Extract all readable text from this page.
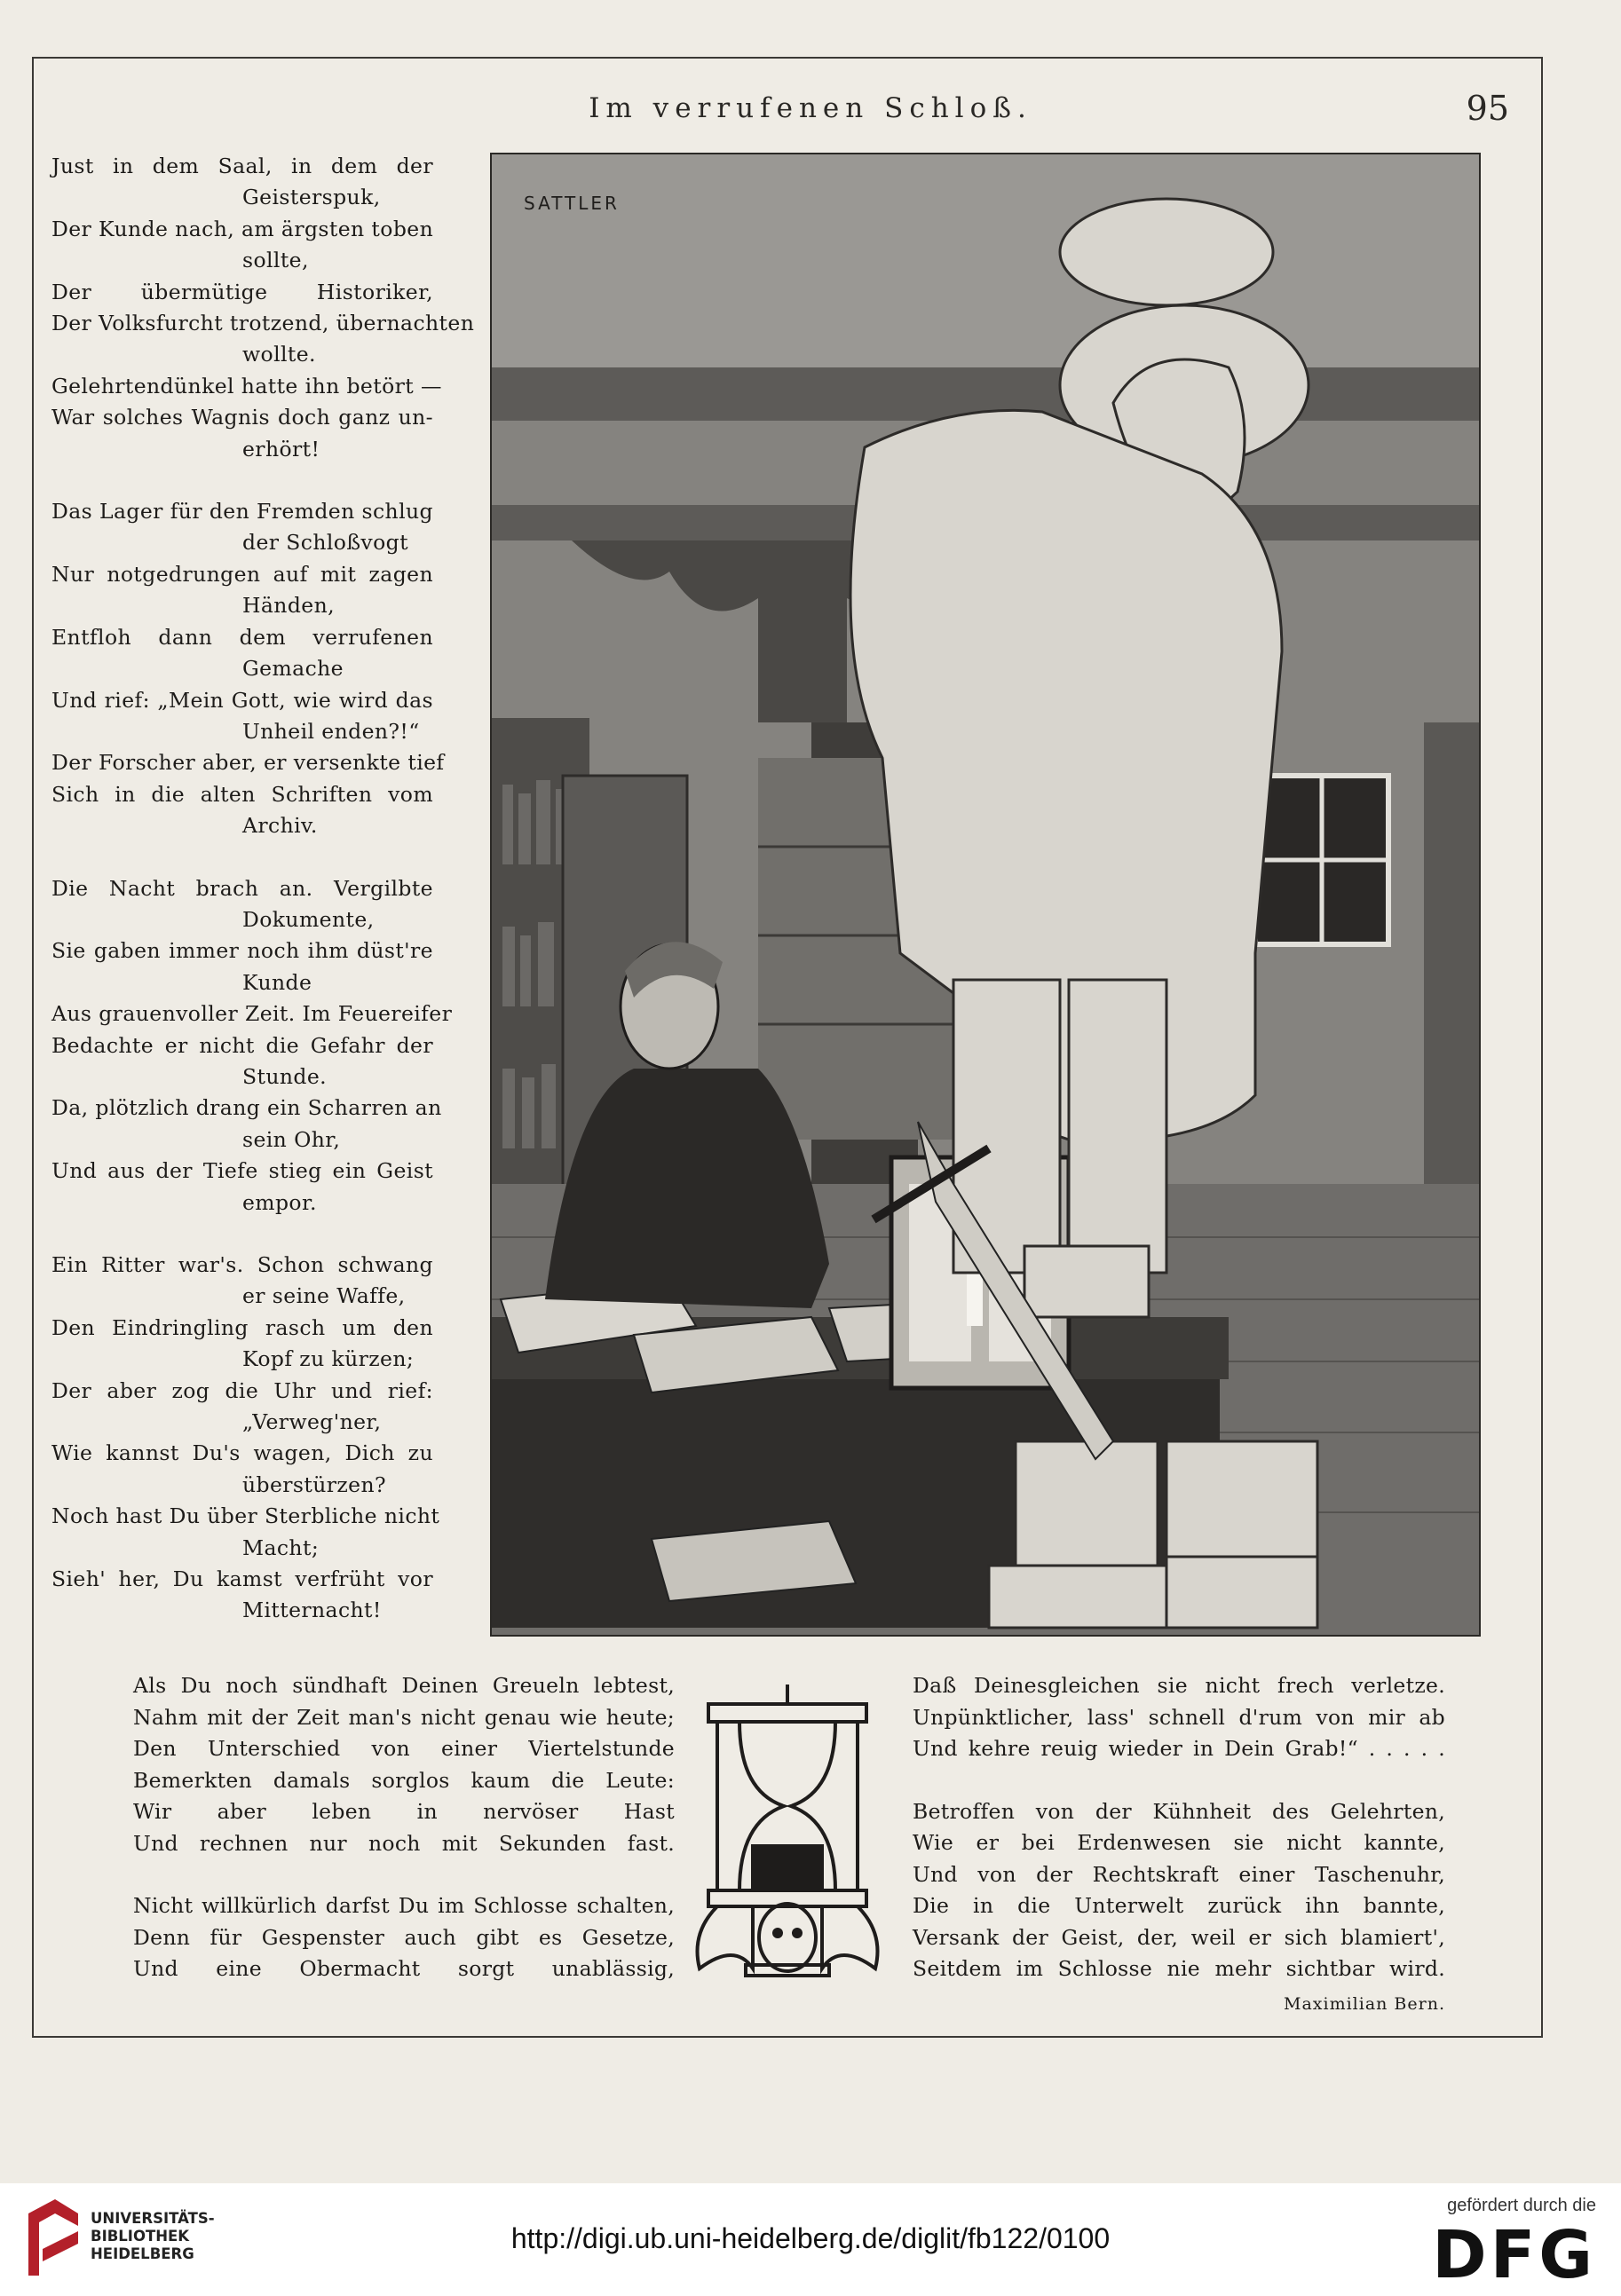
Im verrufenen Schloß.	95
Just in dem Saal, in dem der
Geisterspuk,
Der Kunde nach, am ärgsten toben
sollte,
Der übermütige Historiker,
Der Volksfurcht trotzend, übernachten
wollte.
Gelehrtendünkel hatte ihn betört —
War solches Wagnis doch ganz un-
erhört!
Das Lager für den Fremden schlug
der Schloßvogt
Nur notgedrungen auf mit zagen
Händen,
Entfloh dann dem verrufenen
Gemache
Und rief: „Mein Gott, wie wird das
Unheil enden?!“
Der Forscher aber, er versenkte tief
Sich in die alten Schriften vom
Archiv.
Die Nacht brach an. Vergilbte
Dokumente,
Sie gaben immer noch ihm düst're
Kunde
Aus grauenvoller Zeit. Im Feuereifer
Bedachte er nicht die Gefahr der
Stunde.
Da, plötzlich drang ein Scharren an
sein Ohr,
Und aus der Tiefe stieg ein Geist
empor.
Ein Ritter war's. Schon schwang
er seine Waffe,
Den Eindringling rasch um den
Kopf zu kürzen;
Der aber zog die Uhr und rief:
„Verweg'ner,
Wie kannst Du's wagen, Dich zu
überstürzen?
Noch hast Du über Sterbliche nicht
Macht;
Sieh' her, Du kamst verfrüht vor
Mitternacht!
SATTLER
Als Du noch sündhaft Deinen Greueln lebtest,
Nahm mit der Zeit man's nicht genau wie heute;
Den Unterschied von einer Viertelstunde
Bemerkten damals sorglos kaum die Leute:
Wir aber leben in nervöser Hast
Und rechnen nur noch mit Sekunden fast.
Nicht willkürlich darfst Du im Schlosse schalten,
Denn für Gespenster auch gibt es Gesetze,
Und eine Obermacht sorgt unablässig,
Daß Deinesgleichen sie nicht frech verletze.
Unpünktlicher, lass' schnell d'rum von mir ab
Und kehre reuig wieder in Dein Grab!“ . . . . .
Betroffen von der Kühnheit des Gelehrten,
Wie er bei Erdenwesen sie nicht kannte,
Und von der Rechtskraft einer Taschenuhr,
Die in die Unterwelt zurück ihn bannte,
Versank der Geist, der, weil er sich blamiert',
Seitdem im Schlosse nie mehr sichtbar wird.
Maximilian Bern.
UNIVERSITÄTS-
BIBLIOTHEK
HEIDELBERG	http://digi.ub.uni-heidelberg.de/diglit/fb122/0100
gefördert durch die
DFG
